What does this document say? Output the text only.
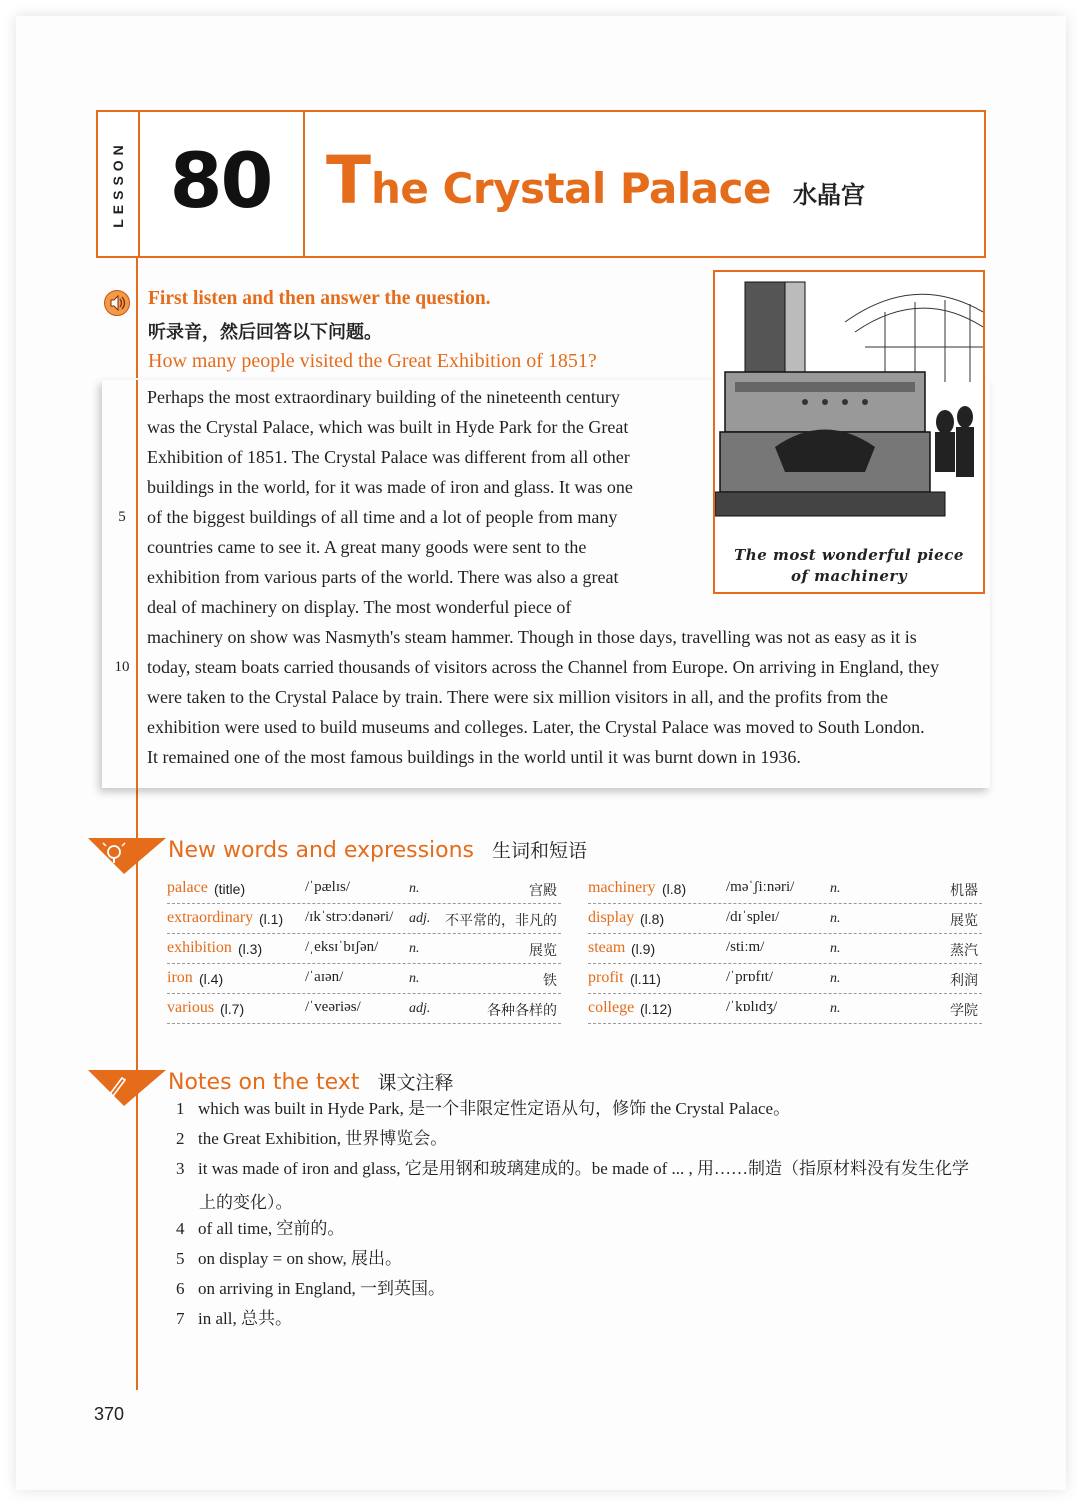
LESSON 80 The Crystal Palace 水晶宫
First listen and then answer the question.
听录音，然后回答以下问题。
How many people visited the Great Exhibition of 1851?
Perhaps the most extraordinary building of the nineteenth century
was the Crystal Palace, which was built in Hyde Park for the Great
Exhibition of 1851. The Crystal Palace was different from all other
buildings in the world, for it was made of iron and glass. It was one
of the biggest buildings of all time and a lot of people from many
5
countries came to see it. A great many goods were sent to the
exhibition from various parts of the world. There was also a great
deal of machinery on display. The most wonderful piece of
machinery on show was Nasmyth's steam hammer. Though in those days, travelling was not as easy as it is
today, steam boats carried thousands of visitors across the Channel from Europe. On arriving in England, they
10
were taken to the Crystal Palace by train. There were six million visitors in all, and the profits from the
exhibition were used to build museums and colleges. Later, the Crystal Palace was moved to South London.
It remained one of the most famous buildings in the world until it was burnt down in 1936.
The most wonderful piece
of machinery
New words and expressions 生词和短语
palace (title)	/ˈpælɪs/	n.	宫殿
extraordinary (l.1) /ɪkˈstrɔːdənəri/ adj. 不平常的，非凡的
exhibition (l.3)	/ˌeksɪˈbɪʃən/ n.	展览
iron (l.4)	/ˈaɪən/	n.	铁
various (l.7)	/ˈveəriəs/	adj.	各种各样的
machinery (l.8)	/məˈʃiːnəri/	n.	机器
display (l.8)	/dɪˈspleɪ/	n.	展览
steam (l.9)	/stiːm/	n.	蒸汽
profit (l.11)	/ˈprɒfɪt/	n.	利润
college (l.12)	/ˈkɒlɪdʒ/	n.	学院
Notes on the text 课文注释
1 which was built in Hyde Park, 是一个非限定性定语从句，修饰 the Crystal Palace。
2 the Great Exhibition, 世界博览会。
3 it was made of iron and glass, 它是用钢和玻璃建成的。be made of ... , 用……制造（指原材料没有发生化学
4 of all time, 空前的。
5 on display = on show, 展出。
6 on arriving in England, 一到英国。
7 in all, 总共。
上的变化）。
370
